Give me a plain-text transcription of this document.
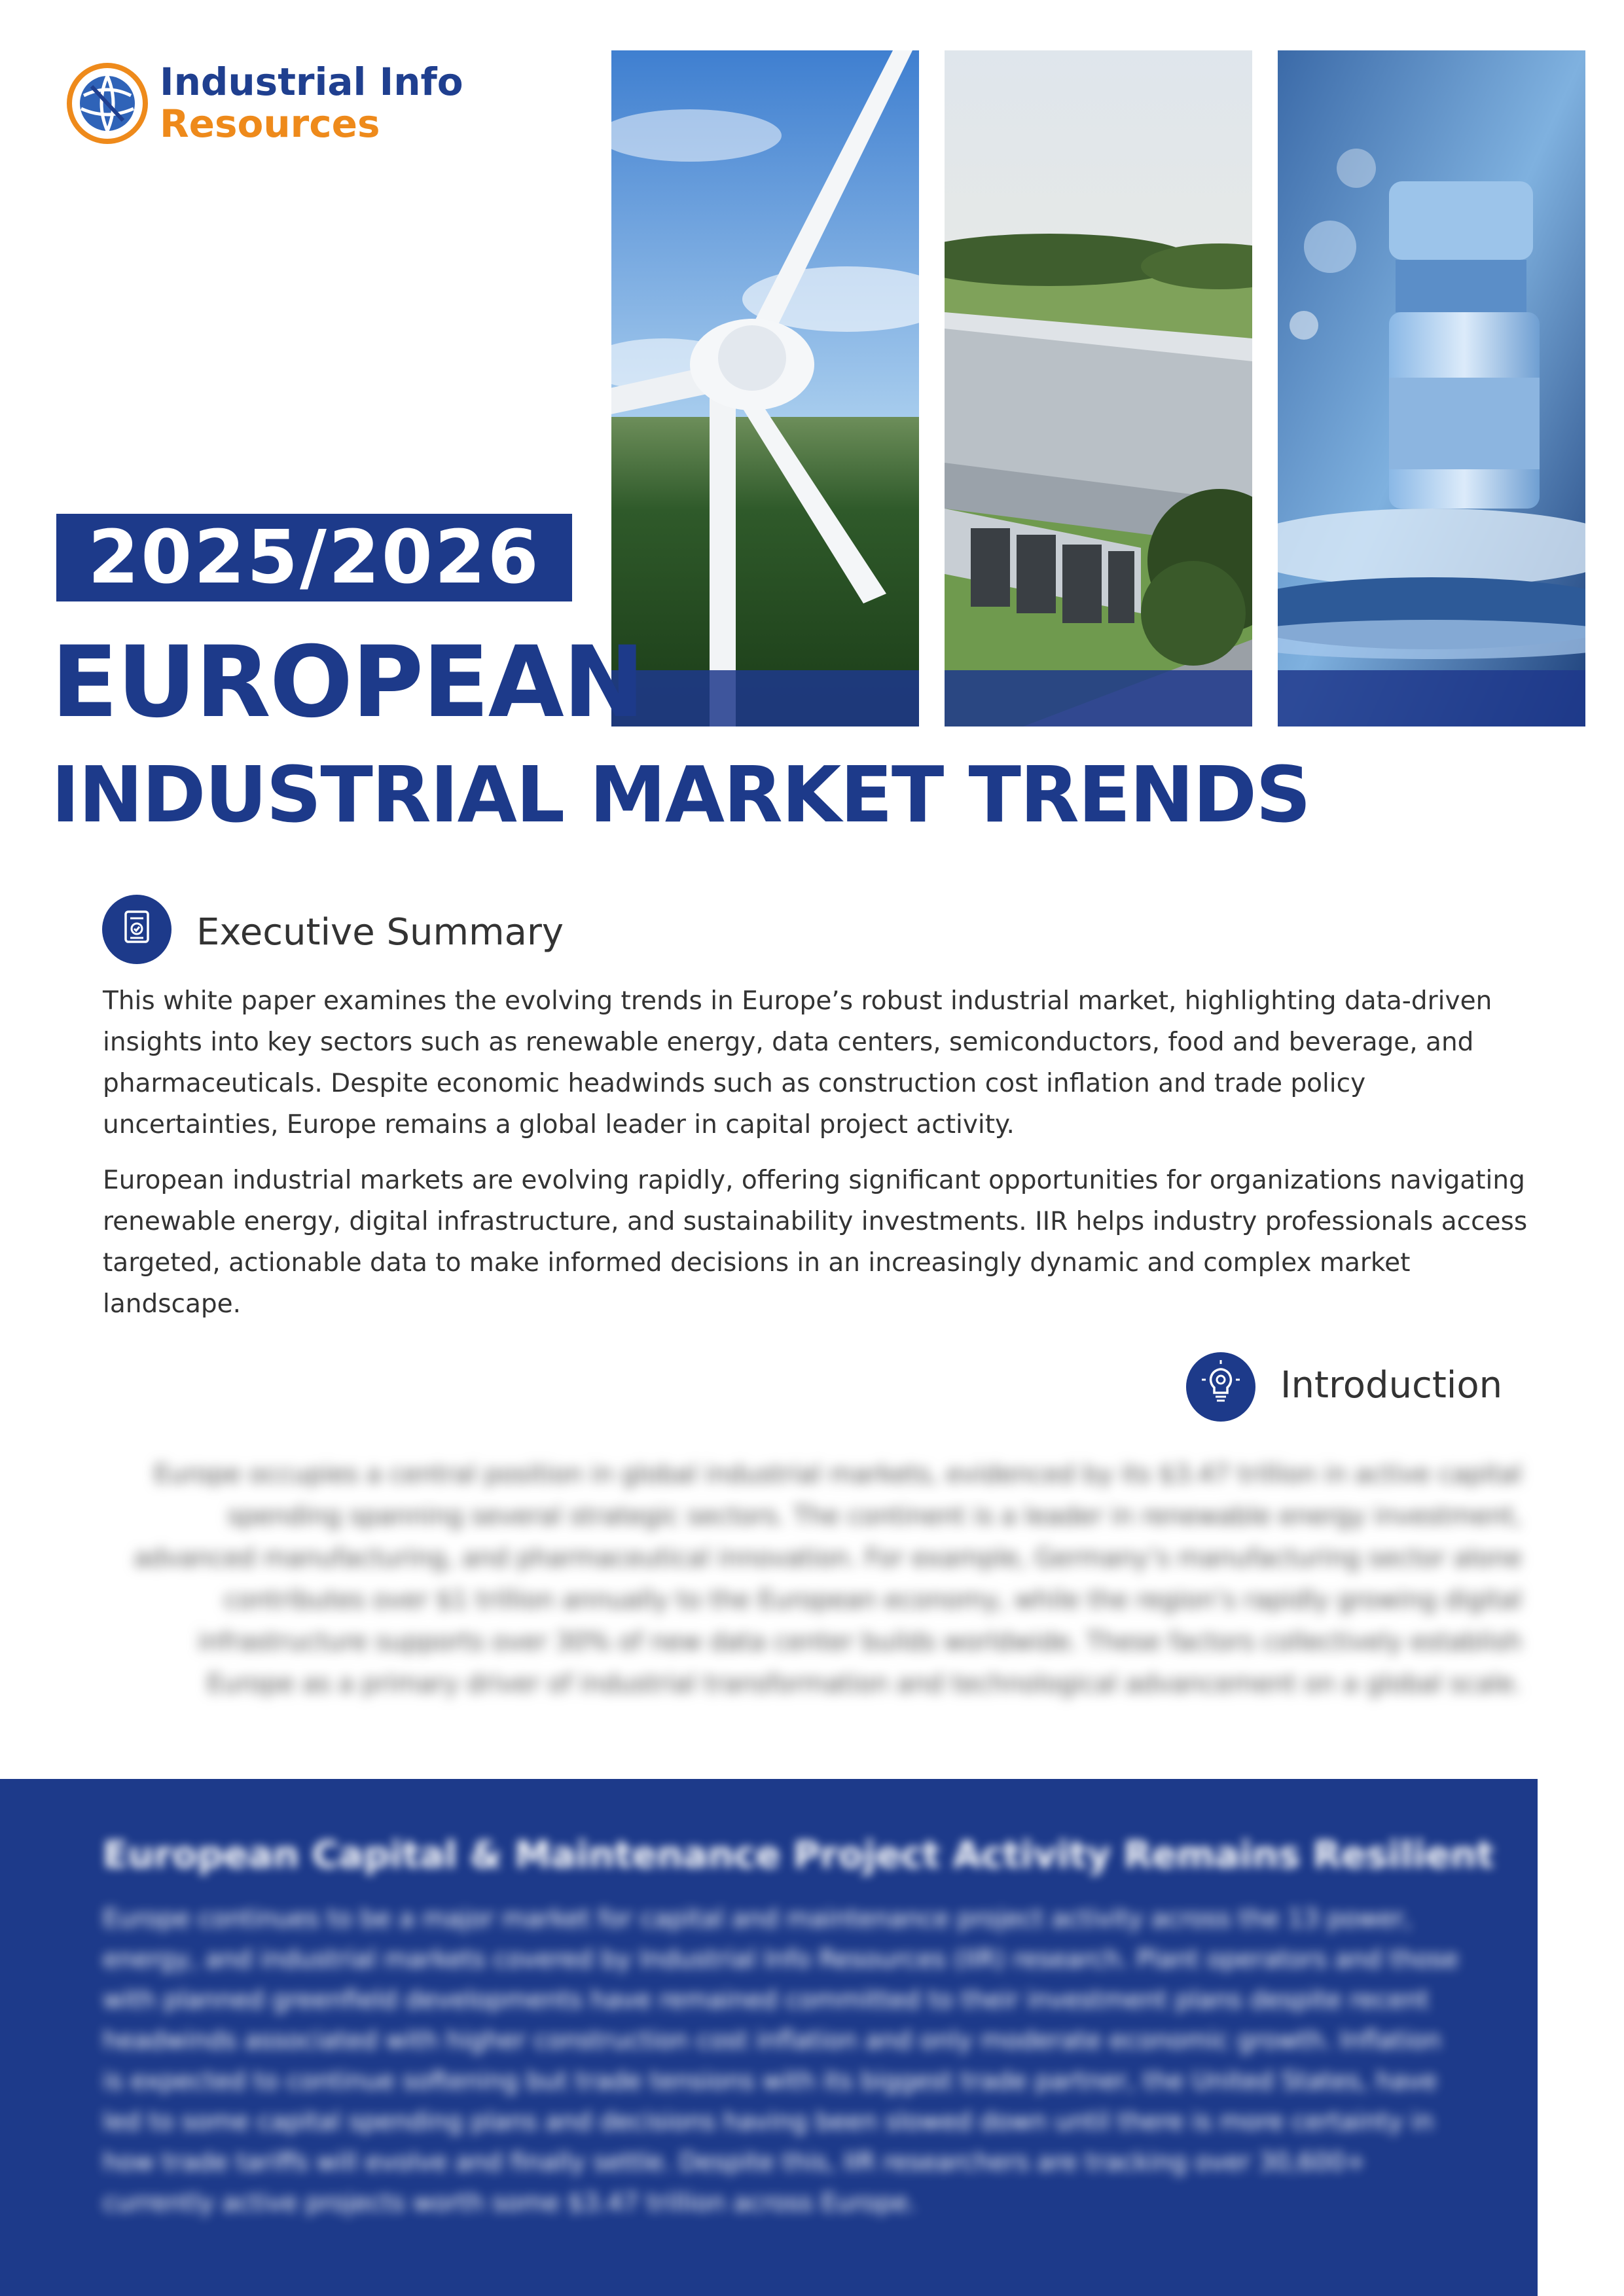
Industrial Info
Resources
2025/2026
EUROPEAN
INDUSTRIAL MARKET TRENDS
Executive Summary
This white paper examines the evolving trends in Europe’s robust industrial market, highlighting data-driven insights into key sectors such as renewable energy, data centers, semiconductors, food and beverage, and pharmaceuticals. Despite economic headwinds such as construction cost inflation and trade policy uncertainties, Europe remains a global leader in capital project activity.
European industrial markets are evolving rapidly, offering significant opportunities for organizations navigating renewable energy, digital infrastructure, and sustainability investments. IIR helps industry professionals access targeted, actionable data to make informed decisions in an increasingly dynamic and complex market landscape.
Introduction
Europe occupies a central position in global industrial markets, evidenced by its $3.47 trillion in active capital spending spanning several strategic sectors. The continent is a leader in renewable energy investment, advanced manufacturing, and pharmaceutical innovation. For example, Germany’s manufacturing sector alone contributes over $1 trillion annually to the European economy, while the region’s rapidly growing digital infrastructure supports over 30% of new data center builds worldwide. These factors collectively establish Europe as a primary driver of industrial transformation and technological advancement on a global scale.
European Capital & Maintenance Project Activity Remains Resilient
Europe continues to be a major market for capital and maintenance project activity across the 13 power, energy, and industrial markets covered by Industrial Info Resources (IIR) research. Plant operators and those with planned greenfield developments have remained committed to their investment plans despite recent headwinds associated with higher construction cost inflation and only moderate economic growth. Inflation is expected to continue softening but trade tensions with its biggest trade partner, the United States, have led to some capital spending plans and decisions having been slowed down until there is more certainty in how trade tariffs will evolve and finally settle. Despite this, IIR researchers are tracking over 30,600+ currently active projects worth some $3.47 trillion across Europe.
